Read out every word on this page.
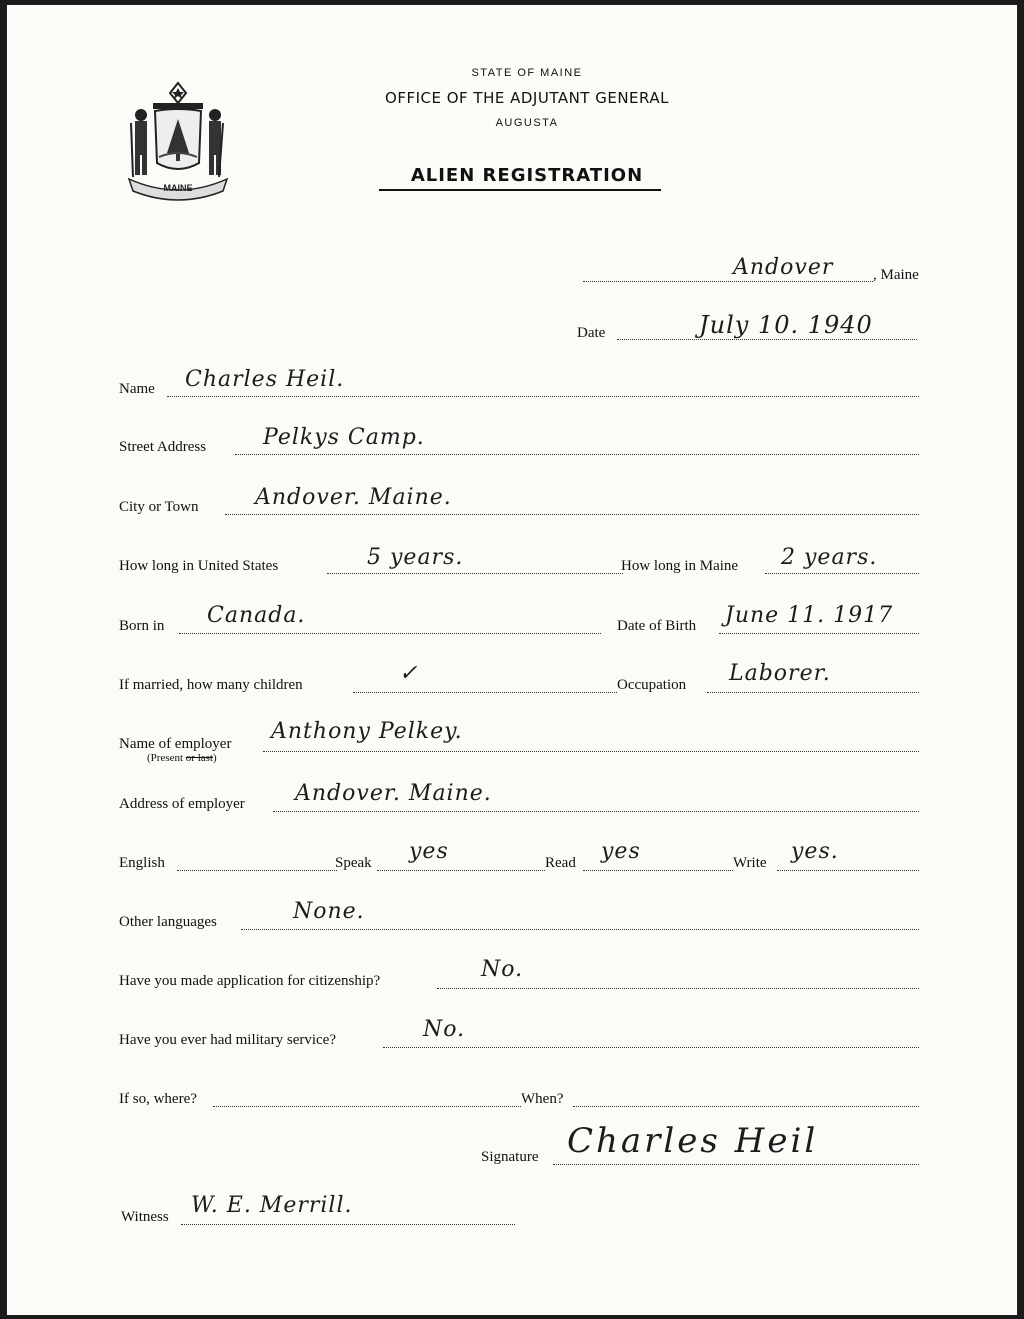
MAINE
STATE OF MAINE
OFFICE OF THE ADJUTANT GENERAL
AUGUSTA
ALIEN REGISTRATION
Andover	, Maine
Date	July 10. 1940
Name Charles Heil.
Street Address	Pelkys Camp.
City or Town	Andover. Maine.
How long in United States	5 years.	How long in Maine 2 years.
Born in Canada.	Date of Birth June 11. 1917
If married, how many children	✓	Occupation Laborer.
Name of employer Anthony Pelkey.
(Present or last)
Address of employer Andover. Maine.
English	Speak yes	Read yes	Write yes.
Other languages	None.
Have you made application for citizenship?	No.
Have you ever had military service?	No.
If so, where?	When?
Signature Charles Heil
Witness W. E. Merrill.
